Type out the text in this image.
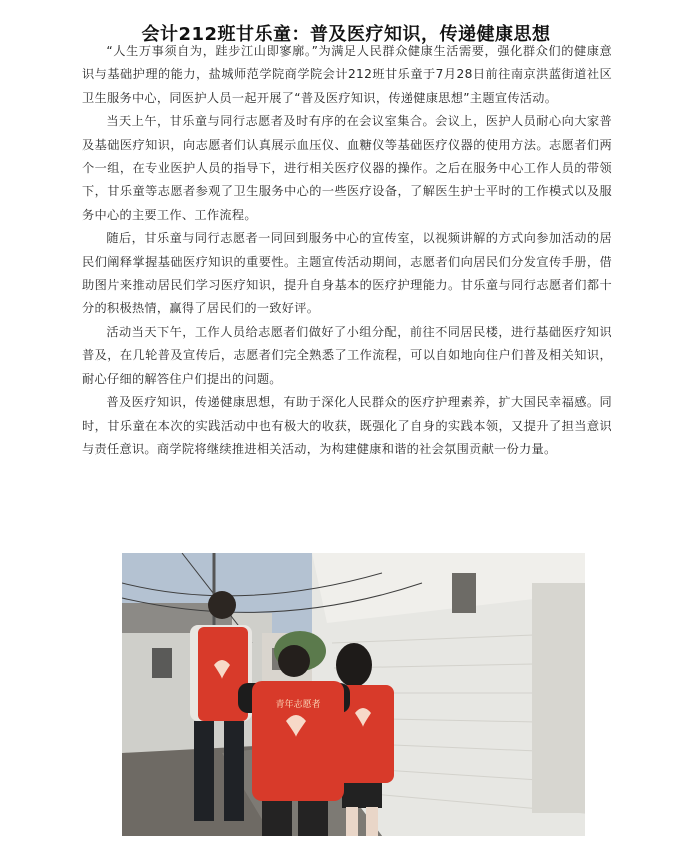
会计212班甘乐童：普及医疗知识，传递健康思想

“人生万事须自为，跬步江山即寥廓。”为满足人民群众健康生活需要，强化群众们的健康意识与基础护理的能力，盐城师范学院商学院会计212班甘乐童于7月28日前往南京洪蓝街道社区卫生服务中心，同医护人员一起开展了“普及医疗知识，传递健康思想”主题宣传活动。

当天上午，甘乐童与同行志愿者及时有序的在会议室集合。会议上，医护人员耐心向大家普及基础医疗知识，向志愿者们认真展示血压仪、血糖仪等基础医疗仪器的使用方法。志愿者们两个一组，在专业医护人员的指导下，进行相关医疗仪器的操作。之后在服务中心工作人员的带领下，甘乐童等志愿者参观了卫生服务中心的一些医疗设备，了解医生护士平时的工作模式以及服务中心的主要工作、工作流程。

随后，甘乐童与同行志愿者一同回到服务中心的宣传室，以视频讲解的方式向参加活动的居民们阐释掌握基础医疗知识的重要性。主题宣传活动期间，志愿者们向居民们分发宣传手册，借助图片来推动居民们学习医疗知识，提升自身基本的医疗护理能力。甘乐童与同行志愿者们都十分的积极热情，赢得了居民们的一致好评。

活动当天下午，工作人员给志愿者们做好了小组分配，前往不同居民楼，进行基础医疗知识普及，在几轮普及宣传后，志愿者们完全熟悉了工作流程，可以自如地向住户们普及相关知识，耐心仔细的解答住户们提出的问题。

普及医疗知识，传递健康思想，有助于深化人民群众的医疗护理素养，扩大国民幸福感。同时，甘乐童在本次的实践活动中也有极大的收获，既强化了自身的实践本领，又提升了担当意识与责任意识。商学院将继续推进相关活动，为构建健康和谐的社会氛围贡献一份力量。

青年志愿者
